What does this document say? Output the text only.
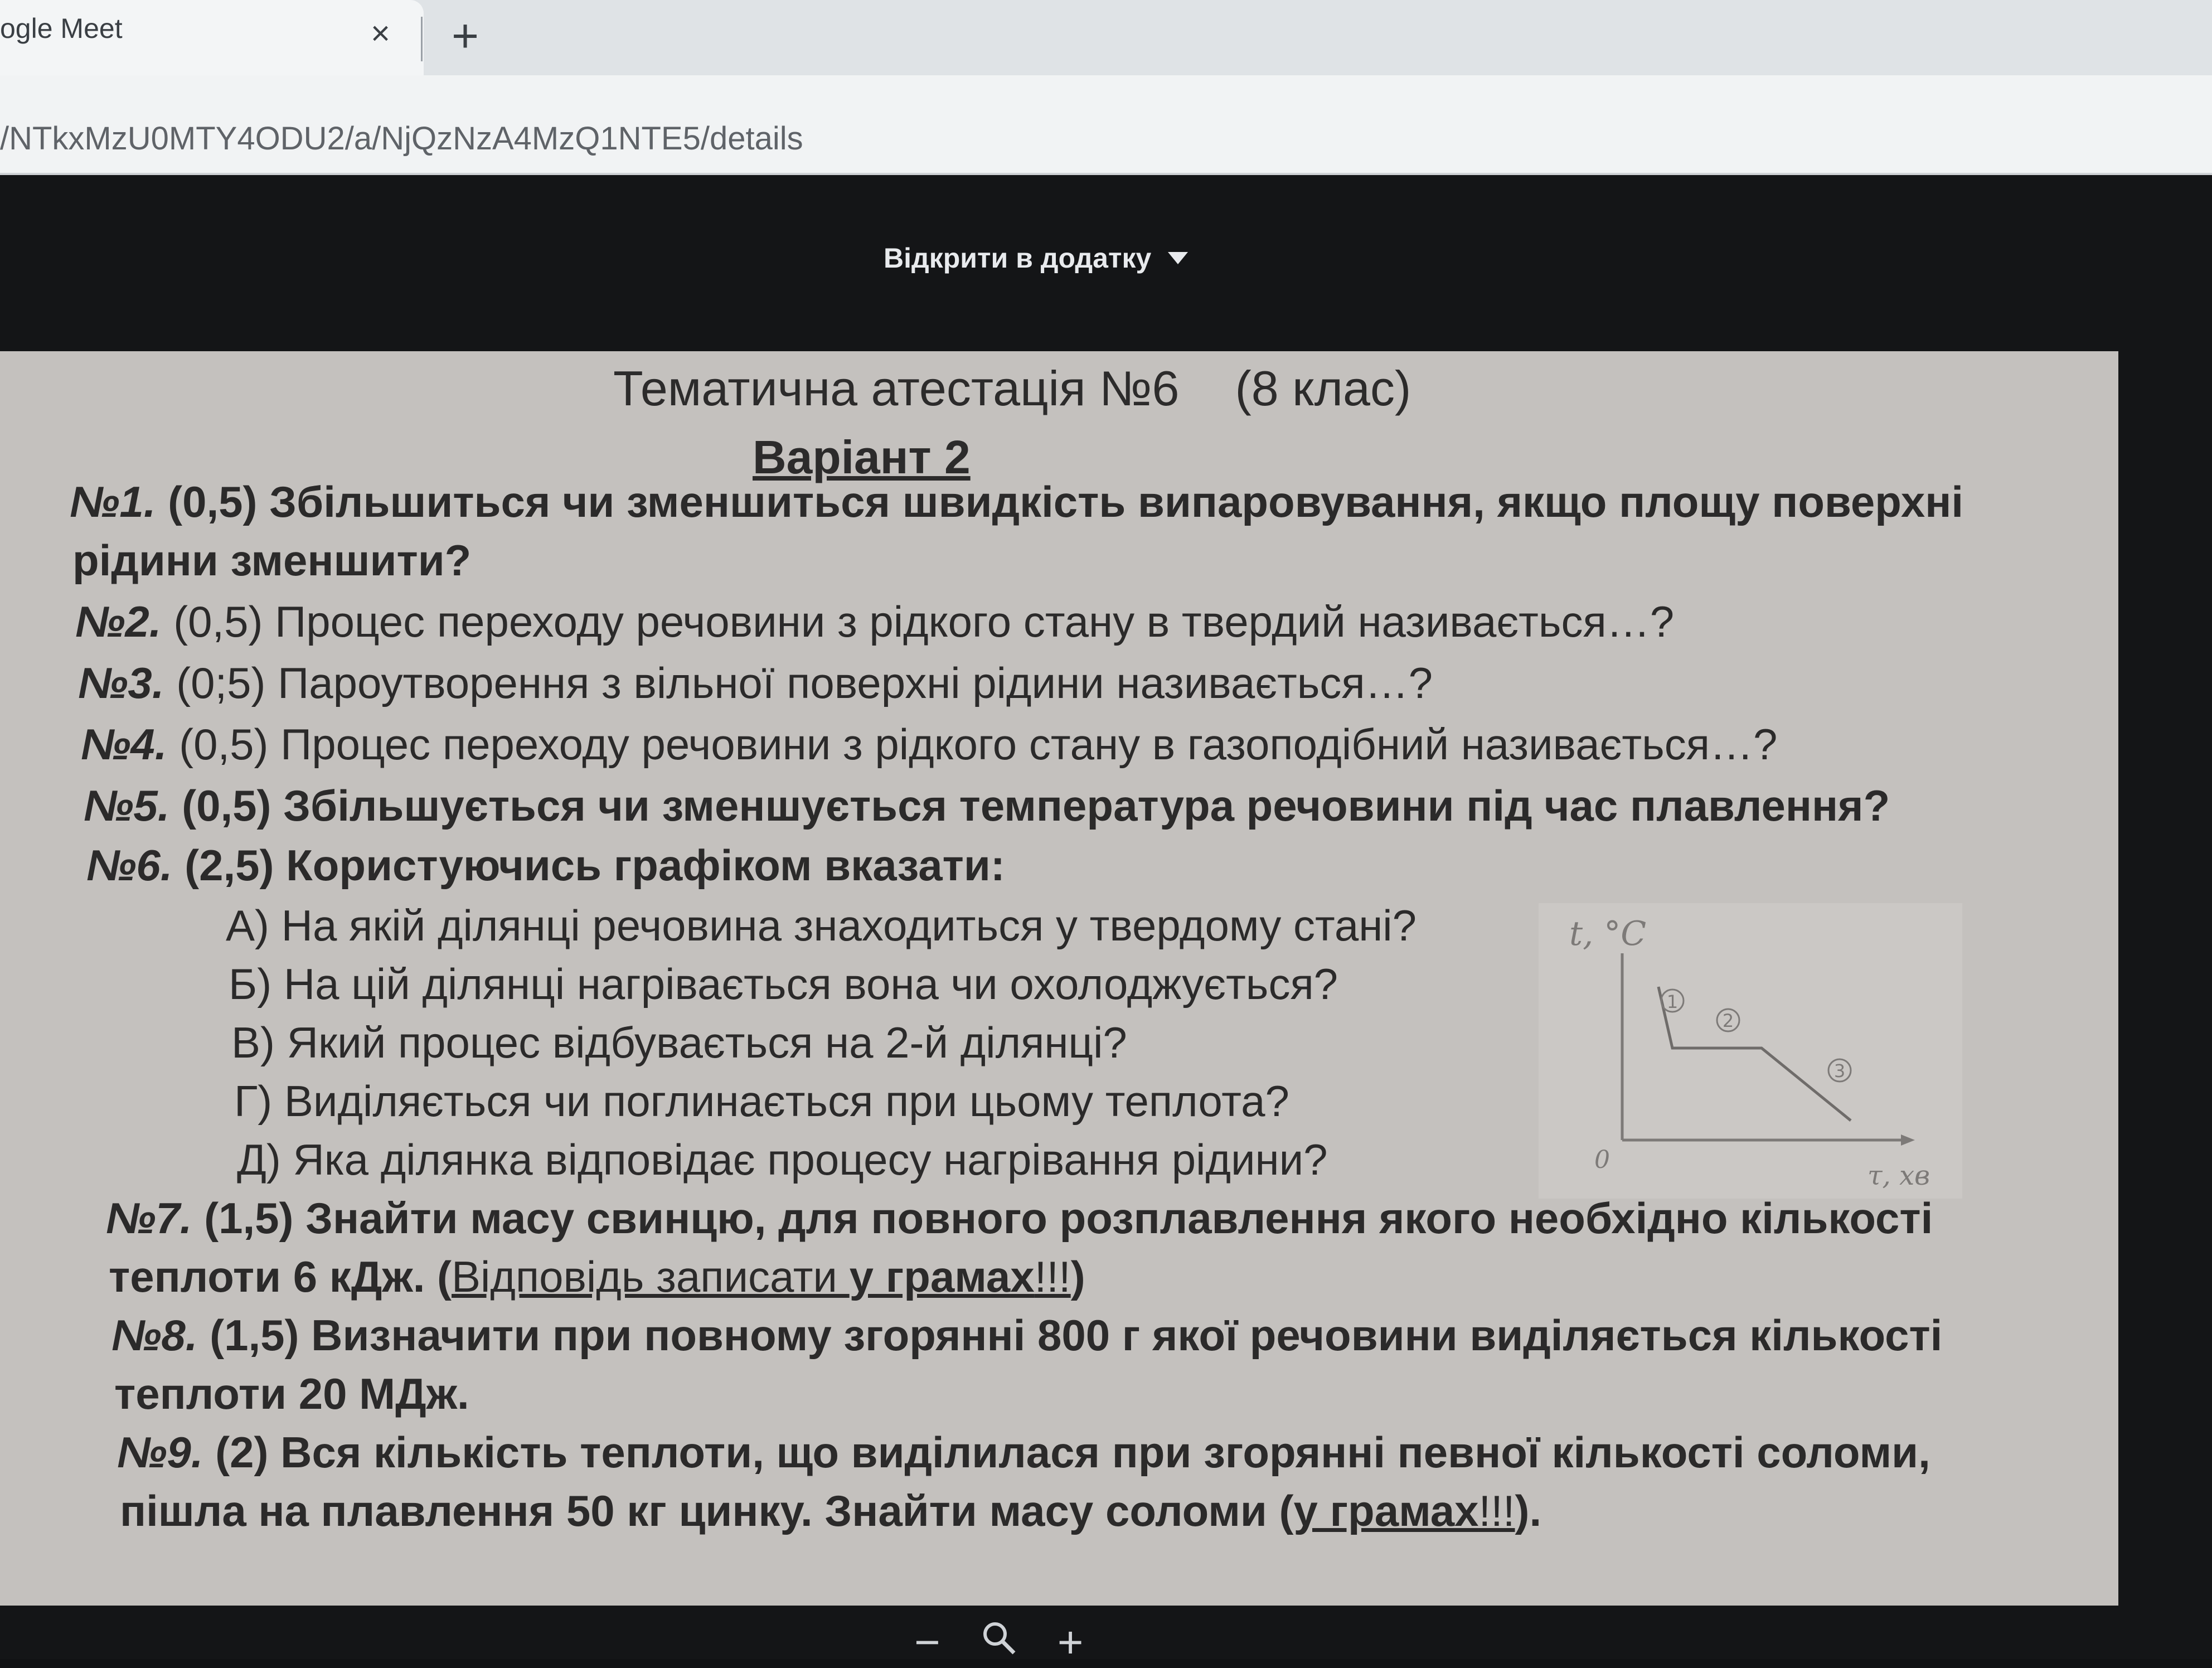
ogle Meet	× +
/NTkxMzU0MTY4ODU2/a/NjQzNzA4MzQ1NTE5/details
Відкрити в додатку
Тематична атестація №6 (8 клас)
Варіант 2
№1. (0,5) Збільшиться чи зменшиться швидкість випаровування, якщо площу поверхні
рідини зменшити?
№2. (0,5) Процес переходу речовини з рідкого стану в твердий називається…?
№3. (0;5) Пароутворення з вільної поверхні рідини називається…?
№4. (0,5) Процес переходу речовини з рідкого стану в газоподібний називається…?
№5. (0,5) Збільшується чи зменшується температура речовини під час плавлення?
№6. (2,5) Користуючись графіком вказати:
А) На якій ділянці речовина знаходиться у твердому стані?
Б) На цій ділянці нагрівається вона чи охолоджується?
В) Який процес відбувається на 2-й ділянці?
Г) Виділяється чи поглинається при цьому теплота?
Д) Яка ділянка відповідає процесу нагрівання рідини?
t, °C
0
τ, хв
1
2
3
№7. (1,5) Знайти масу свинцю, для повного розплавлення якого необхідно кількості
теплоти 6 кДж. (Відповідь записати у грамах!!!)
№8. (1,5) Визначити при повному згорянні 800 г якої речовини виділяється кількості
теплоти 20 МДж.
№9. (2) Вся кількість теплоти, що виділилася при згорянні певної кількості соломи,
пішла на плавлення 50 кг цинку. Знайти масу соломи (у грамах!!!).
−	+
